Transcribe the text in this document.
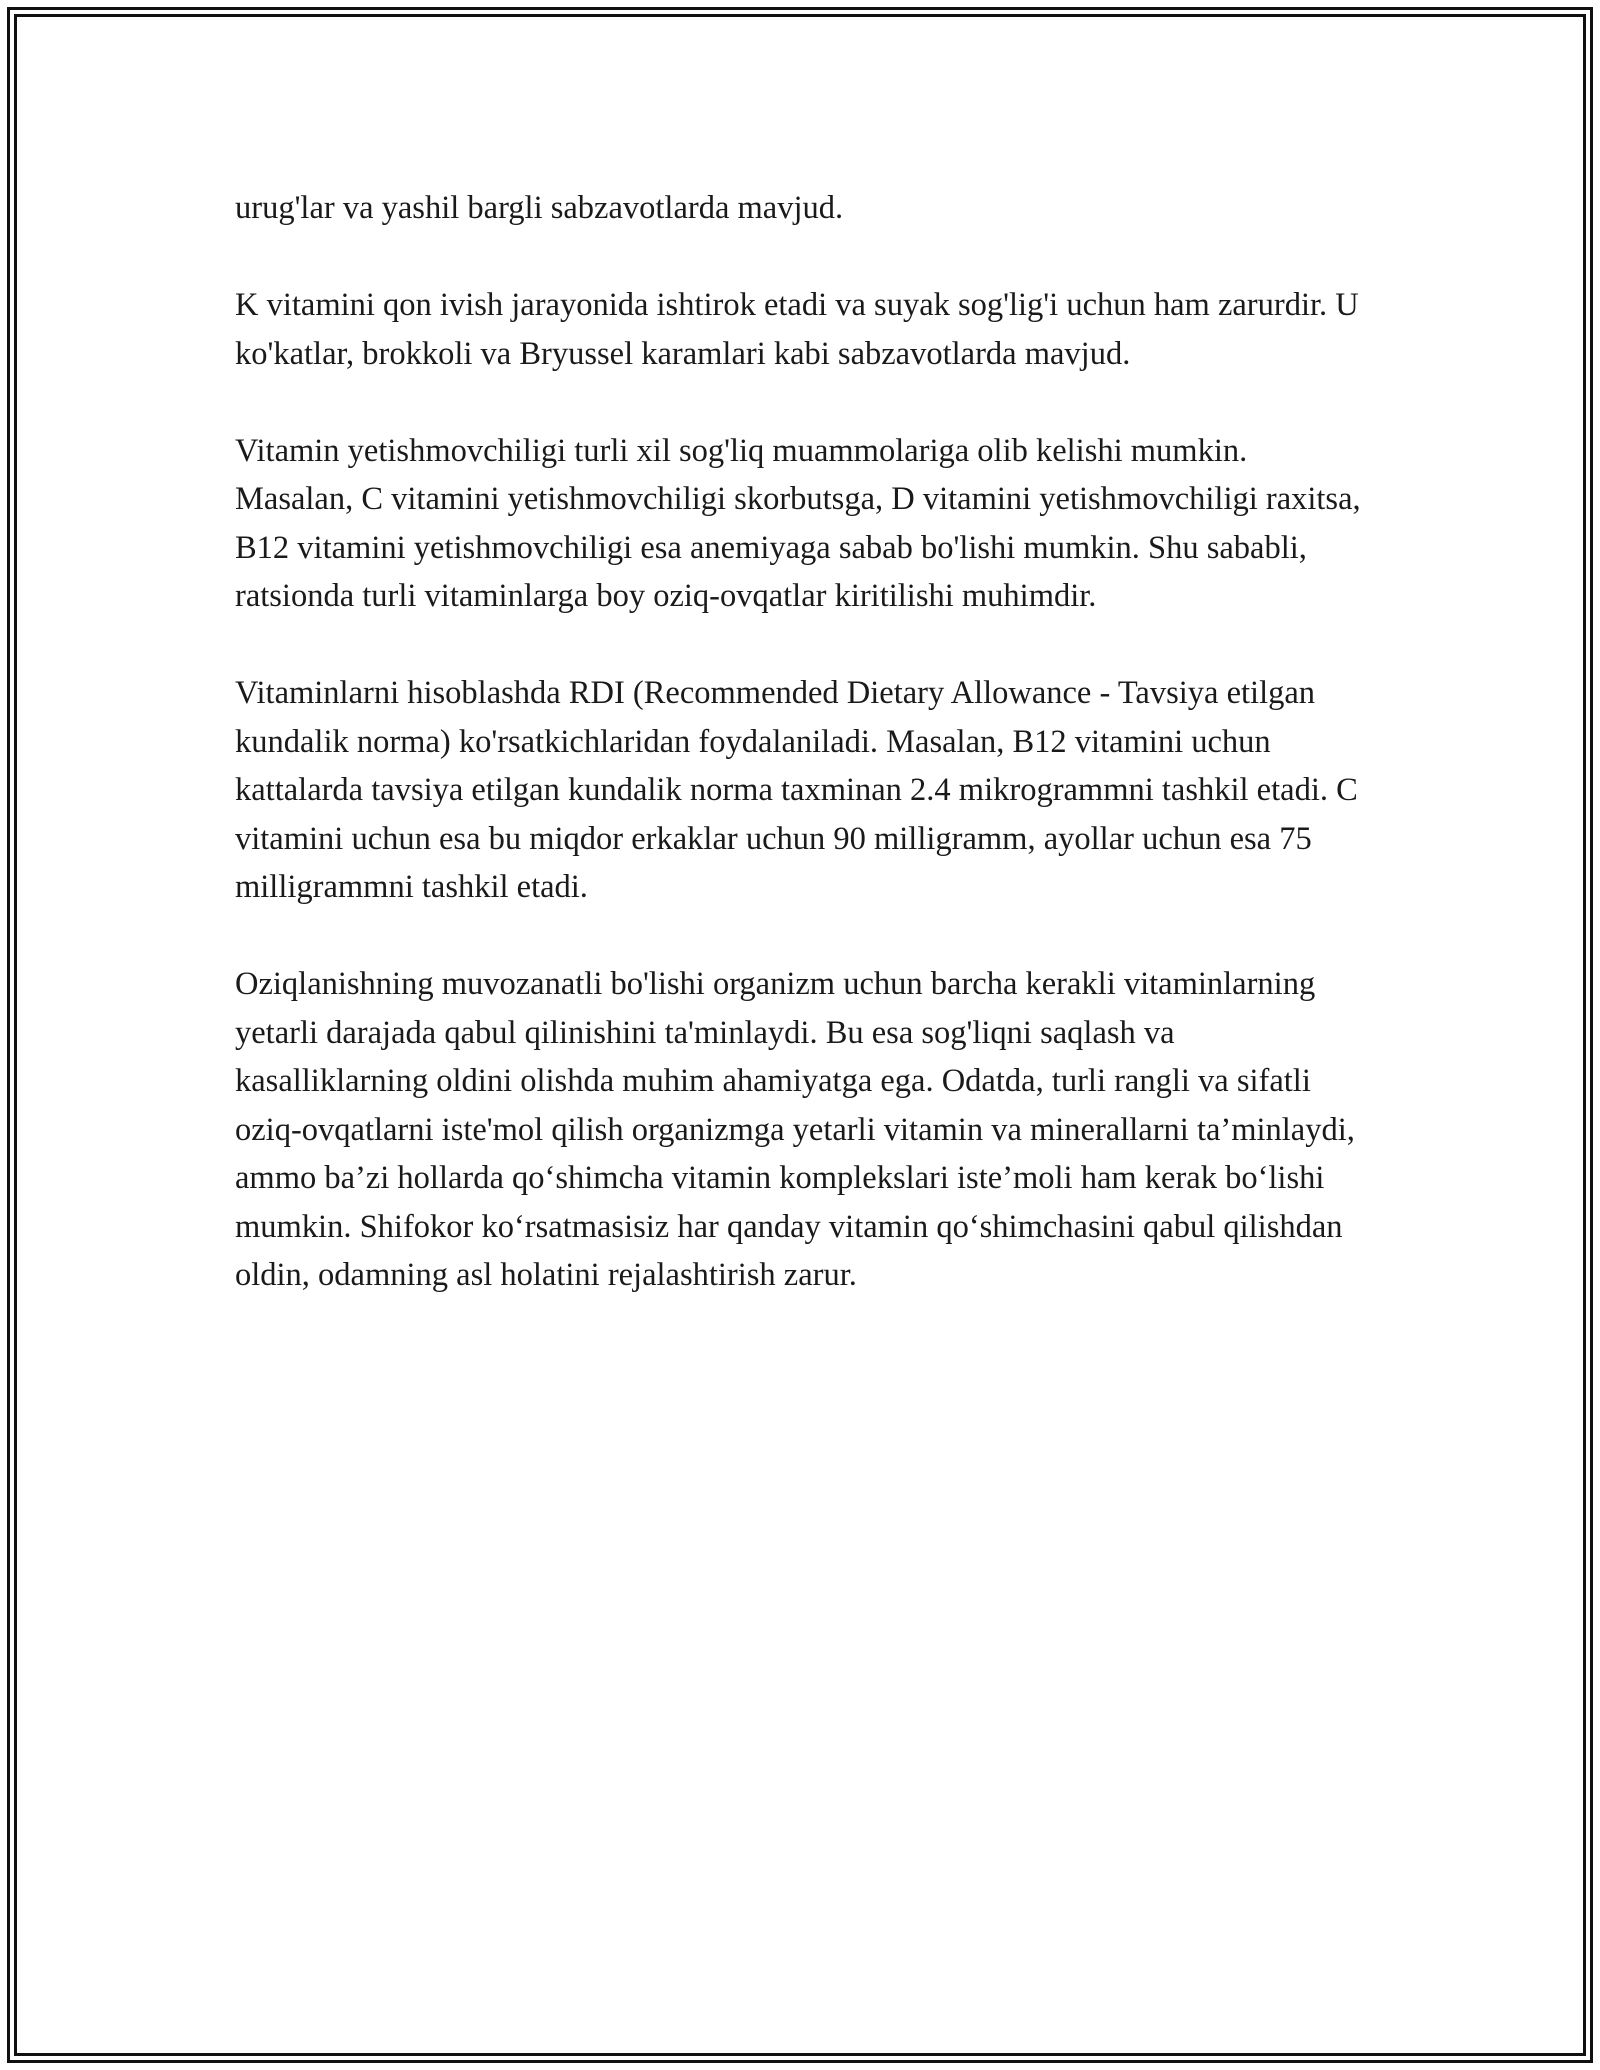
urug'lar va yashil bargli sabzavotlarda mavjud.

K vitamini qon ivish jarayonida ishtirok etadi va suyak sog'lig'i uchun ham zarurdir. U ko'katlar, brokkoli va Bryussel karamlari kabi sabzavotlarda mavjud.

Vitamin yetishmovchiligi turli xil sog'liq muammolariga olib kelishi mumkin. Masalan, C vitamini yetishmovchiligi skorbutsga, D vitamini yetishmovchiligi raxitsa, B12 vitamini yetishmovchiligi esa anemiyaga sabab bo'lishi mumkin. Shu sababli, ratsionda turli vitaminlarga boy oziq-ovqatlar kiritilishi muhimdir.

Vitaminlarni hisoblashda RDI (Recommended Dietary Allowance - Tavsiya etilgan kundalik norma) ko'rsatkichlaridan foydalaniladi. Masalan, B12 vitamini uchun kattalarda tavsiya etilgan kundalik norma taxminan 2.4 mikrogrammni tashkil etadi. C vitamini uchun esa bu miqdor erkaklar uchun 90 milligramm, ayollar uchun esa 75 milligrammni tashkil etadi.

Oziqlanishning muvozanatli bo'lishi organizm uchun barcha kerakli vitaminlarning yetarli darajada qabul qilinishini ta'minlaydi. Bu esa sog'liqni saqlash va kasalliklarning oldini olishda muhim ahamiyatga ega. Odatda, turli rangli va sifatli oziq-ovqatlarni iste'mol qilish organizmga yetarli vitamin va minerallarni ta’minlaydi, ammo ba’zi hollarda qo‘shimcha vitamin komplekslari iste’moli ham kerak bo‘lishi mumkin. Shifokor ko‘rsatmasisiz har qanday vitamin qo‘shimchasini qabul qilishdan oldin, odamning asl holatini rejalashtirish zarur.
